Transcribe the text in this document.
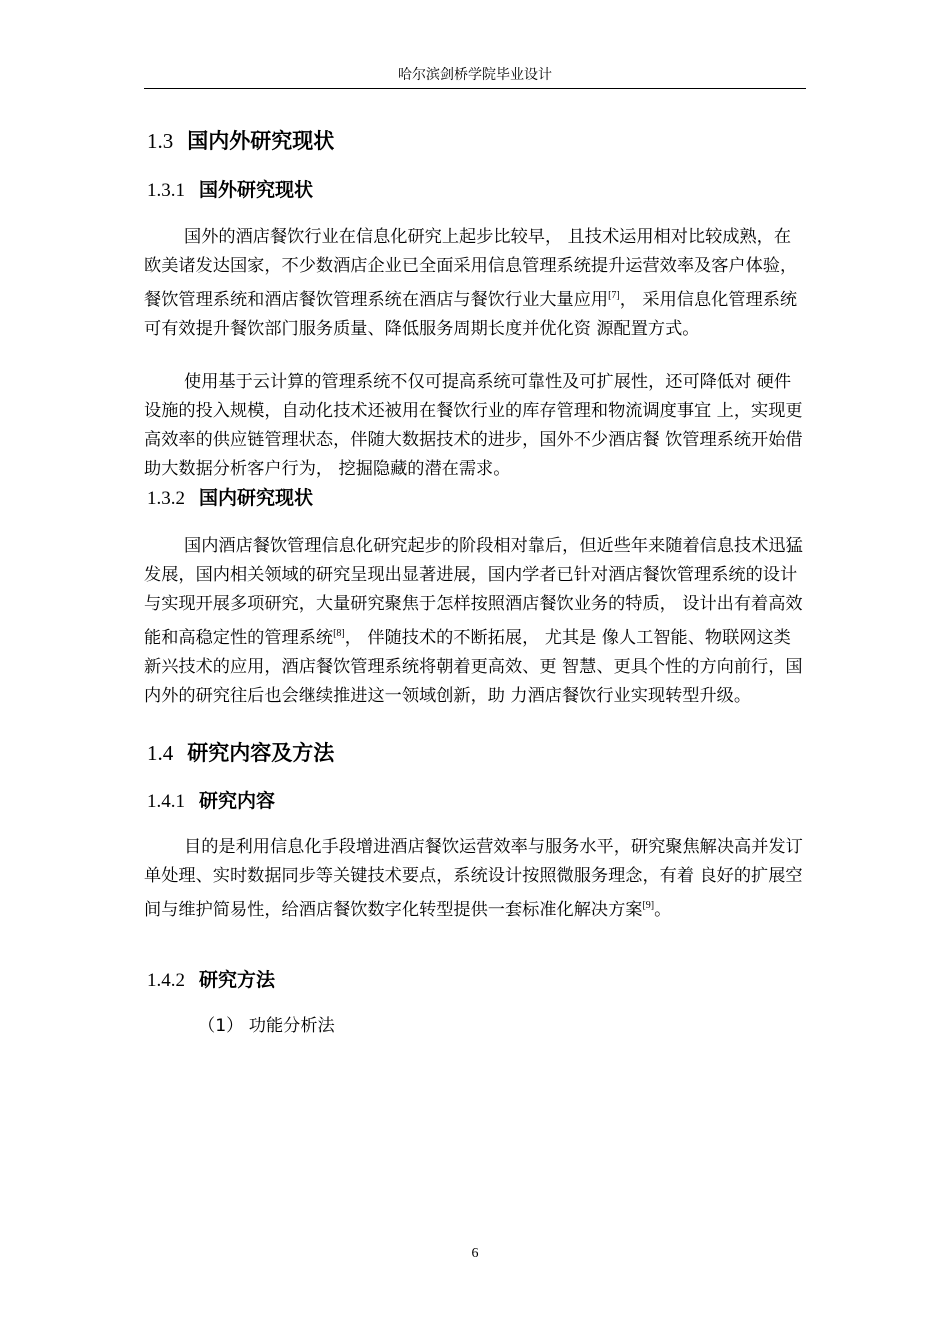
哈尔滨剑桥学院毕业设计
1.3 国内外研究现状
1.3.1 国外研究现状
国外的酒店餐饮行业在信息化研究上起步比较早， 且技术运用相对比较成熟，在欧美诸发达国家，不少数酒店企业已全面采用信息管理系统提升运营效率及客户体验， 餐饮管理系统和酒店餐饮管理系统在酒店与餐饮行业大量应用[7]， 采用信息化管理系统可有效提升餐饮部门服务质量、降低服务周期长度并优化资 源配置方式。
使用基于云计算的管理系统不仅可提高系统可靠性及可扩展性，还可降低对 硬件设施的投入规模，自动化技术还被用在餐饮行业的库存管理和物流调度事宜 上，实现更高效率的供应链管理状态，伴随大数据技术的进步，国外不少酒店餐 饮管理系统开始借助大数据分析客户行为， 挖掘隐藏的潜在需求。
1.3.2 国内研究现状
国内酒店餐饮管理信息化研究起步的阶段相对靠后，但近些年来随着信息技术迅猛发展，国内相关领域的研究呈现出显著进展，国内学者已针对酒店餐饮管理系统的设计与实现开展多项研究，大量研究聚焦于怎样按照酒店餐饮业务的特质， 设计出有着高效能和高稳定性的管理系统[8]， 伴随技术的不断拓展， 尤其是 像人工智能、物联网这类新兴技术的应用，酒店餐饮管理系统将朝着更高效、更 智慧、更具个性的方向前行，国内外的研究往后也会继续推进这一领域创新，助 力酒店餐饮行业实现转型升级。
1.4 研究内容及方法
1.4.1 研究内容
目的是利用信息化手段增进酒店餐饮运营效率与服务水平，研究聚焦解决高并发订单处理、实时数据同步等关键技术要点，系统设计按照微服务理念，有着 良好的扩展空间与维护简易性，给酒店餐饮数字化转型提供一套标准化解决方案[9]。
1.4.2 研究方法
（1） 功能分析法
6
